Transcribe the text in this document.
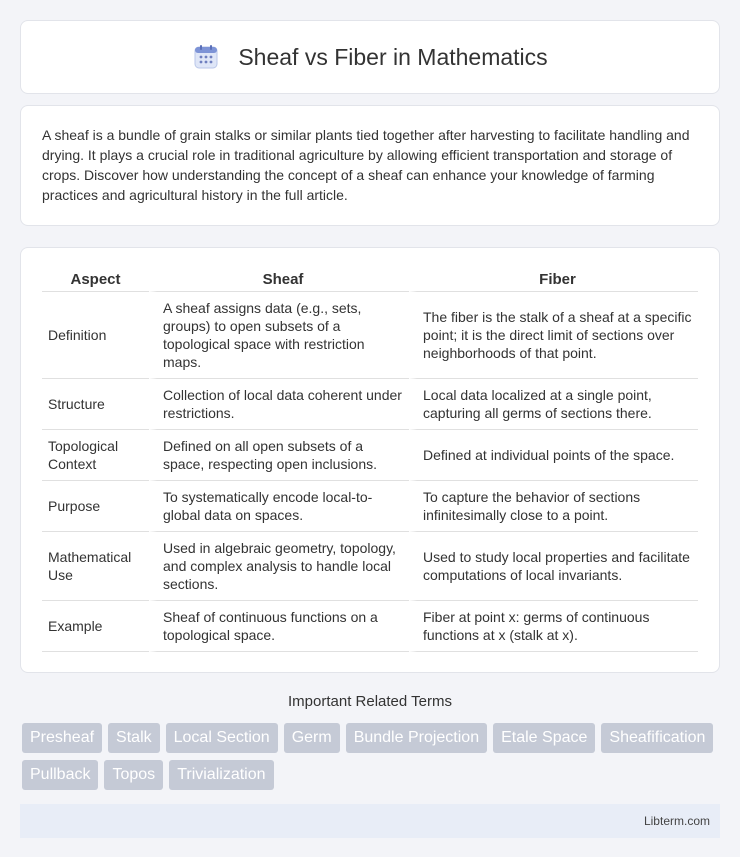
Sheaf vs Fiber in Mathematics

A sheaf is a bundle of grain stalks or similar plants tied together after harvesting to facilitate handling and drying. It plays a crucial role in traditional agriculture by allowing efficient transportation and storage of crops. Discover how understanding the concept of a sheaf can enhance your knowledge of farming practices and agricultural history in the full article.

Aspect	Sheaf	Fiber
Definition	A sheaf assigns data (e.g., sets, groups) to open subsets of a topological space with restriction maps.	The fiber is the stalk of a sheaf at a specific point; it is the direct limit of sections over neighborhoods of that point.
Structure	Collection of local data coherent under restrictions.	Local data localized at a single point, capturing all germs of sections there.
Topological Context	Defined on all open subsets of a space, respecting open inclusions.	Defined at individual points of the space.
Purpose	To systematically encode local-to-global data on spaces.	To capture the behavior of sections infinitesimally close to a point.
Mathematical Use	Used in algebraic geometry, topology, and complex analysis to handle local sections.	Used to study local properties and facilitate computations of local invariants.
Example	Sheaf of continuous functions on a topological space.	Fiber at point x: germs of continuous functions at x (stalk at x).
Important Related Terms
Presheaf	Stalk	Local Section	Germ	Bundle Projection	Etale Space	Sheafification
Pullback	Topos	Trivialization
Libterm.com
